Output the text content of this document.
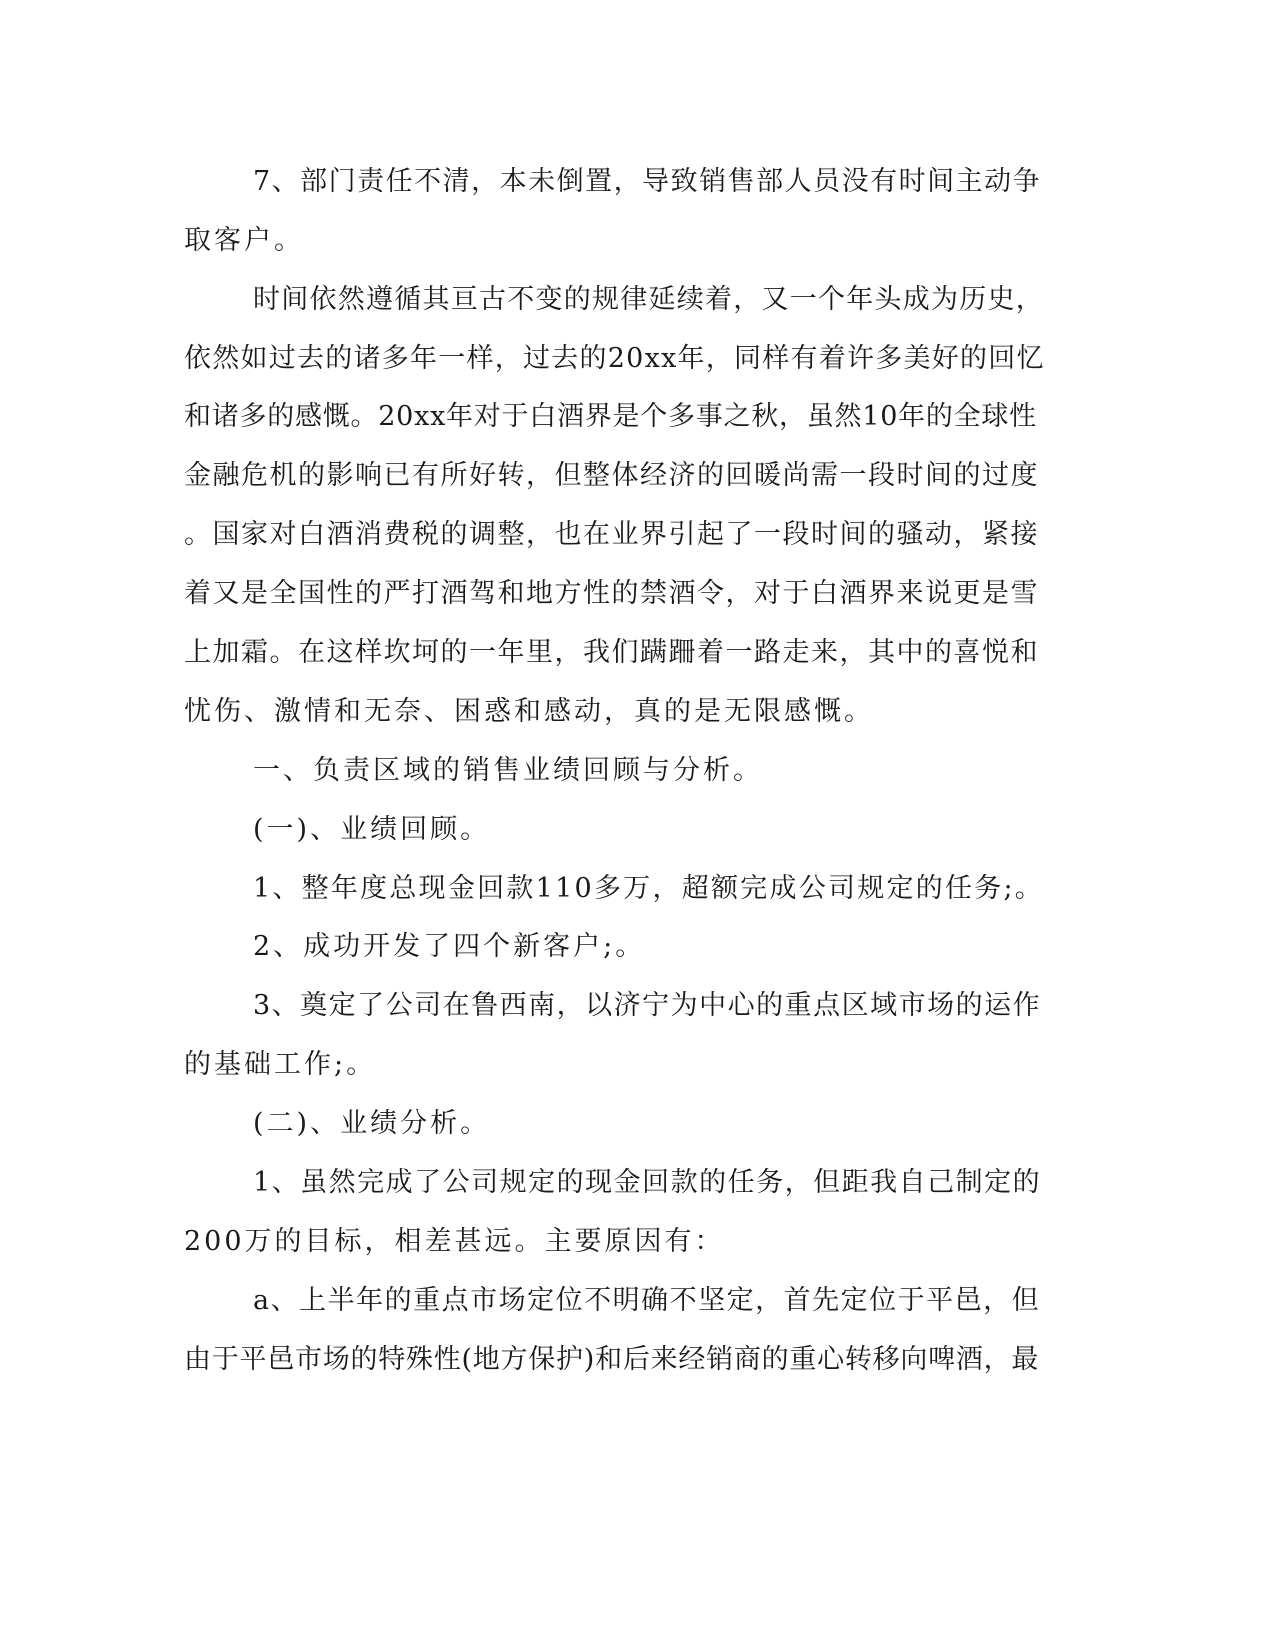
7、部门责任不清，本未倒置，导致销售部人员没有时间主动争
取客户。
时间依然遵循其亘古不变的规律延续着，又一个年头成为历史，
依然如过去的诸多年一样，过去的20xx年，同样有着许多美好的回忆
和诸多的感慨。20xx年对于白酒界是个多事之秋，虽然10年的全球性
金融危机的影响已有所好转，但整体经济的回暖尚需一段时间的过度
。国家对白酒消费税的调整，也在业界引起了一段时间的骚动，紧接
着又是全国性的严打酒驾和地方性的禁酒令，对于白酒界来说更是雪
上加霜。在这样坎坷的一年里，我们蹒跚着一路走来，其中的喜悦和
忧伤、激情和无奈、困惑和感动，真的是无限感慨。
一、负责区域的销售业绩回顾与分析。
(一)、业绩回顾。
1、整年度总现金回款110多万，超额完成公司规定的任务;。
2、成功开发了四个新客户;。
3、奠定了公司在鲁西南，以济宁为中心的重点区域市场的运作
的基础工作;。
(二)、业绩分析。
1、虽然完成了公司规定的现金回款的任务，但距我自己制定的
200万的目标，相差甚远。主要原因有：
a、上半年的重点市场定位不明确不坚定，首先定位于平邑，但
由于平邑市场的特殊性(地方保护)和后来经销商的重心转移向啤酒，最
